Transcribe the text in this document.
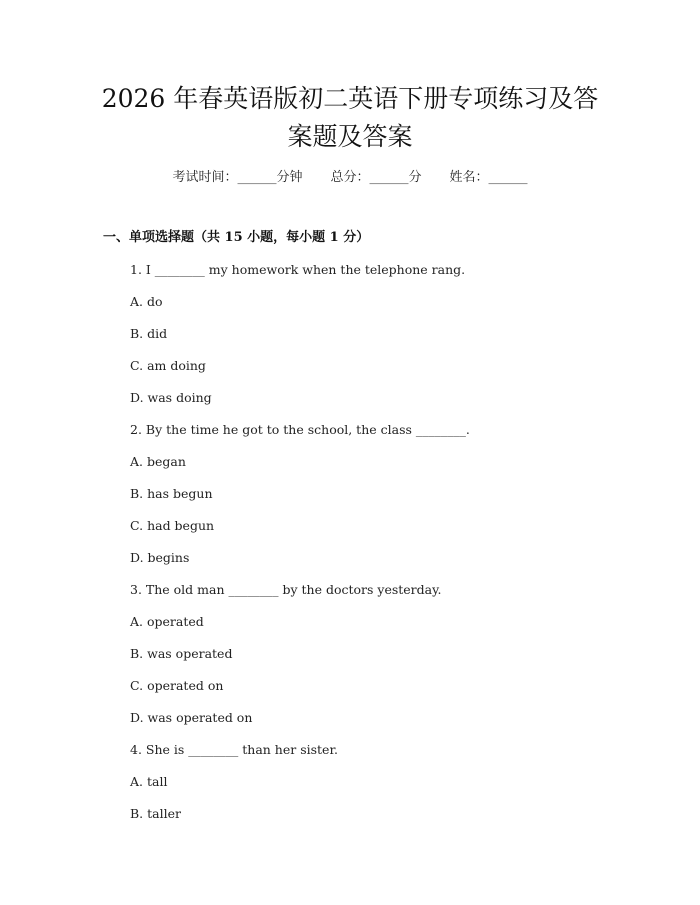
2026 年春英语版初二英语下册专项练习及答
案题及答案
考试时间：______分钟 总分：______分 姓名：______
一、单项选择题（共 15 小题，每小题 1 分）
1. I ________ my homework when the telephone rang.
A. do
B. did
C. am doing
D. was doing
2. By the time he got to the school, the class ________.
A. began
B. has begun
C. had begun
D. begins
3. The old man ________ by the doctors yesterday.
A. operated
B. was operated
C. operated on
D. was operated on
4. She is ________ than her sister.
A. tall
B. taller
